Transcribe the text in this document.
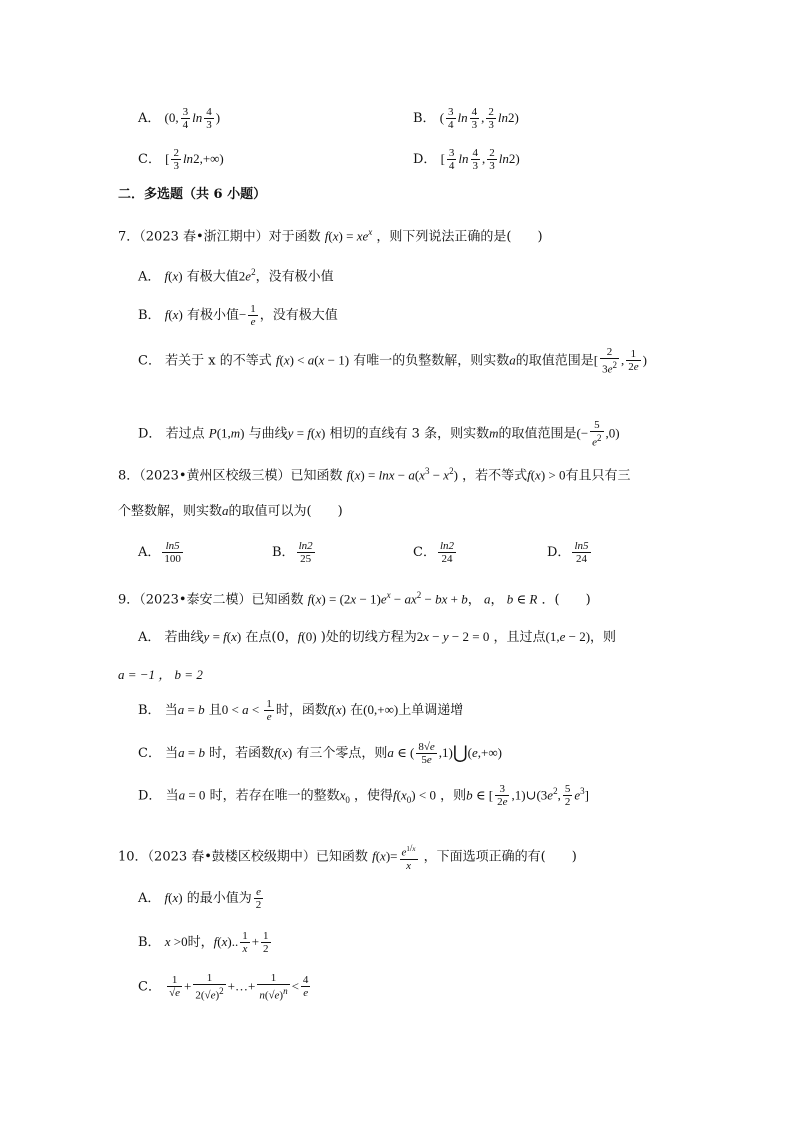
A． (0, $\frac{3}{4}$ $\ln \frac{4}{3}$ )	B． ( $\frac{3}{4}$ $\ln \frac{4}{3}$ , $\frac{2}{3} \ln 2$)
C． [ $\frac{2}{3} \ln 2,+\infty$)	D． [ $\frac{3}{4}$ $\ln \frac{4}{3}$ , $\frac{2}{3} \ln 2$)
二．多选题（共 6 小题）
7．（2023 春•浙江期中）对于函数 $f(x) = xe^x$ ，则下列说法正确的是(　　)
A． f(x) 有极大值$2e^2$，没有极小值
B． f(x) 有极小值− $\frac{1}{e}$ ，没有极大值
C． 若关于 x 的不等式 f(x) < a(x − 1) 有唯一的负整数解，则实数a的取值范围是[ $\frac{2}{3e^2}$ , $\frac{1}{2e}$ )
D． 若过点 P(1,m) 与曲线y = f(x) 相切的直线有 3 条，则实数m的取值范围是(− $\frac{5}{e^2} ,0$)
8．（2023•黄州区校级三模）已知函数 $f(x) = \ln x - a(x^3 - x^2)$ ，若不等式f(x) > 0有且只有三
个整数解，则实数a的取值可以为(　　)
A． $\frac{\ln 5}{100}$	B． $\frac{\ln 2}{25}$	C． $\frac{\ln 2}{24}$	D． $\frac{\ln 5}{24}$
9．（2023•泰安二模）已知函数 $f(x) = (2x - 1)e^x - ax^2$ − bx + b， a， b ∈ R ．(　　)
A． 若曲线y = f(x) 在点(0，f(0) )处的切线方程为2x − y − 2 = 0 ，且过点(1,e − 2)，则
a = −1 ， b = 2
B． 当a = b 且$0 < a < \frac{1}{e}$ 时，函数f(x) 在(0,+∞)上单调递增
C． 当a = b 时，若函数f(x) 有三个零点，则a ∈ ( $\frac{8√e}{5e}$ ,1)⋃(e,+∞)
D． 当a = 0 时，若存在唯一的整数$x_0$ ，使得$f(x_0) < 0$ ，则b ∈ [ $\frac{3}{2e}$ $,1)\cup(3e^2$, $\frac{5}{2} e^3$]
10．（2023 春•鼓楼区校级期中）已知函数 $f(x)= \frac{e^{1/x}}{x}$ ，下面选项正确的有(　　)
A． f(x) 的最小值为 $\frac{e}{2}$
B． x >0时，f(x).. $\frac{1}{x} + \frac{1}{2}$
C． $\frac{1}{√e} + \frac{1}{2(√e)^2}$ +…+ $\frac{1}{n(√e)^n} < \frac{4}{e}$
